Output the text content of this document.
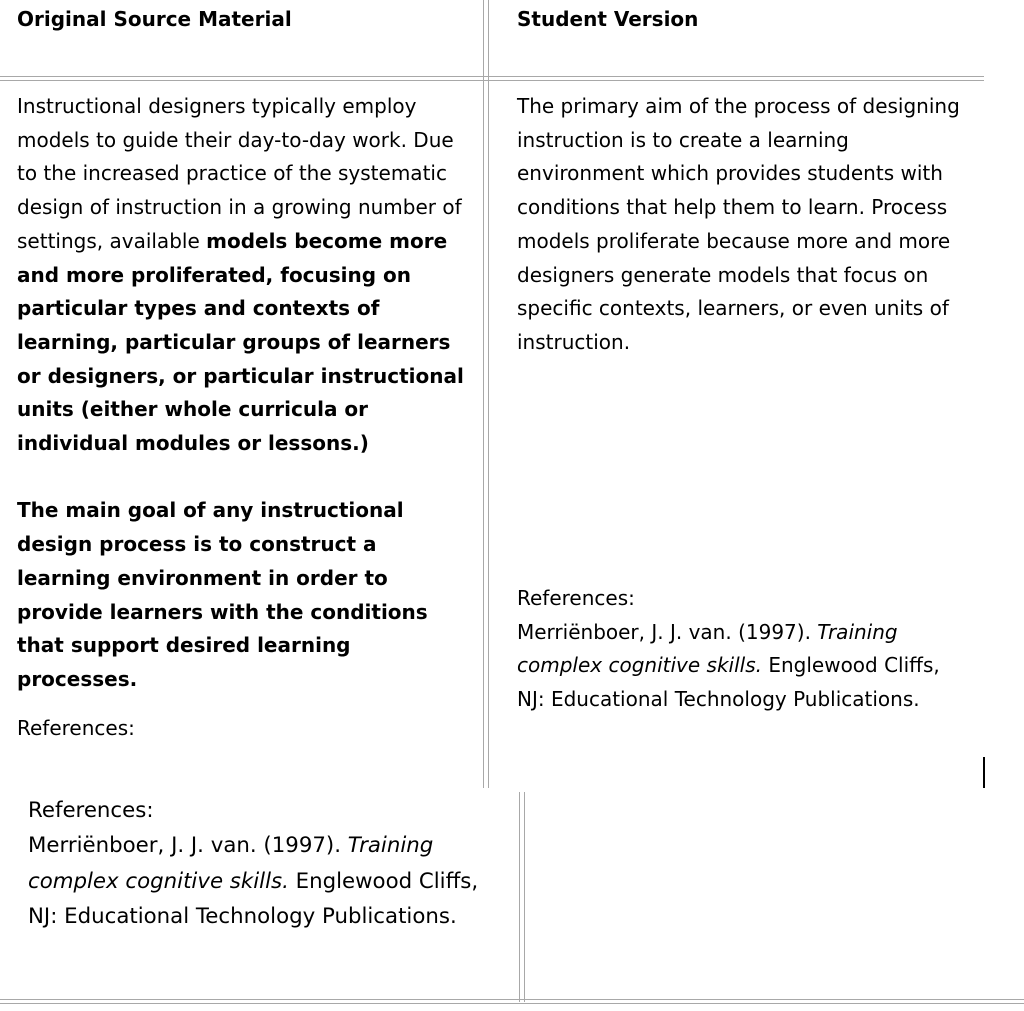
Original Source Material	Student Version
Instructional designers typically employ models to guide their day-to-day work. Due to the increased practice of the systematic design of instruction in a growing number of settings, available models become more and more proliferated, focusing on particular types and contexts of learning, particular groups of learners or designers, or particular instructional units (either whole curricula or individual modules or lessons.)
The main goal of any instructional design process is to construct a learning environment in order to provide learners with the conditions that support desired learning processes.
References:
The primary aim of the process of designing instruction is to create a learning environment which provides students with conditions that help them to learn. Process models proliferate because more and more designers generate models that focus on specific contexts, learners, or even units of instruction.
References:
Merriënboer, J. J. van. (1997). Training complex cognitive skills. Englewood Cliffs, NJ: Educational Technology Publications.
References:
Merriënboer, J. J. van. (1997). Training complex cognitive skills. Englewood Cliffs, NJ: Educational Technology Publications.
